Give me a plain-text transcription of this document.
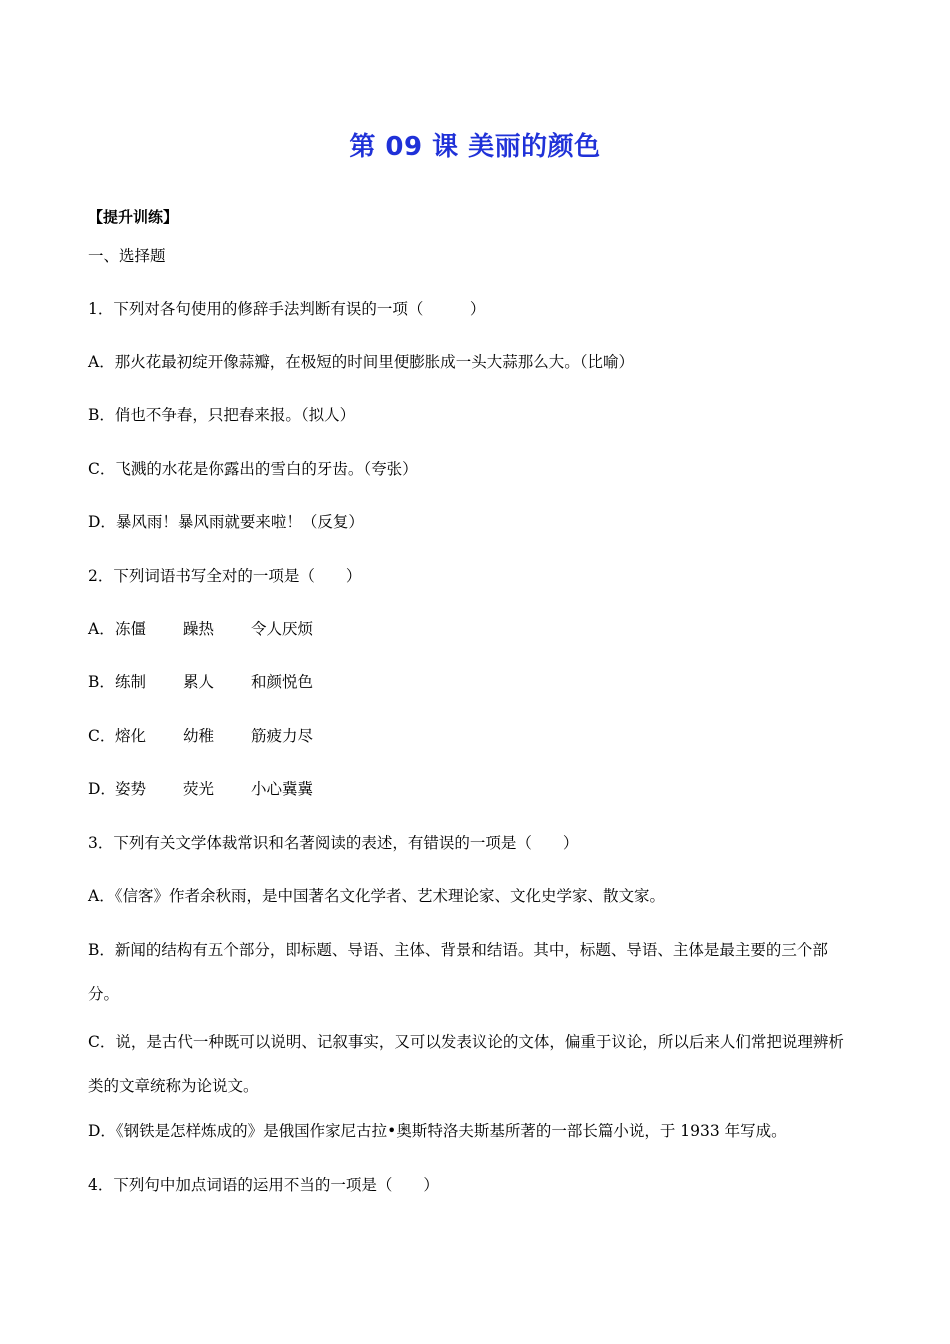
第 09 课 美丽的颜色
【提升训练】
一、选择题
1．下列对各句使用的修辞手法判断有误的一项（　　　）
A．那火花最初绽开像蒜瓣，在极短的时间里便膨胀成一头大蒜那么大。（比喻）
B．俏也不争春，只把春来报。（拟人）
C．飞溅的水花是你露出的雪白的牙齿。（夸张）
D．暴风雨！暴风雨就要来啦！（反复）
2．下列词语书写全对的一项是（　　）
A．冻僵 躁热 令人厌烦
B．练制 累人 和颜悦色
C．熔化 幼稚 筋疲力尽
D．姿势 荧光 小心冀冀
3．下列有关文学体裁常识和名著阅读的表述，有错误的一项是（　　）
A．《信客》作者余秋雨，是中国著名文化学者、艺术理论家、文化史学家、散文家。
B．新闻的结构有五个部分，即标题、导语、主体、背景和结语。其中，标题、导语、主体是最主要的三个部分。
C．说，是古代一种既可以说明、记叙事实，又可以发表议论的文体，偏重于议论，所以后来人们常把说理辨析类的文章统称为论说文。
D．《钢铁是怎样炼成的》是俄国作家尼古拉•奥斯特洛夫斯基所著的一部长篇小说，于 1933 年写成。
4．下列句中加点词语的运用不当的一项是（　　）
